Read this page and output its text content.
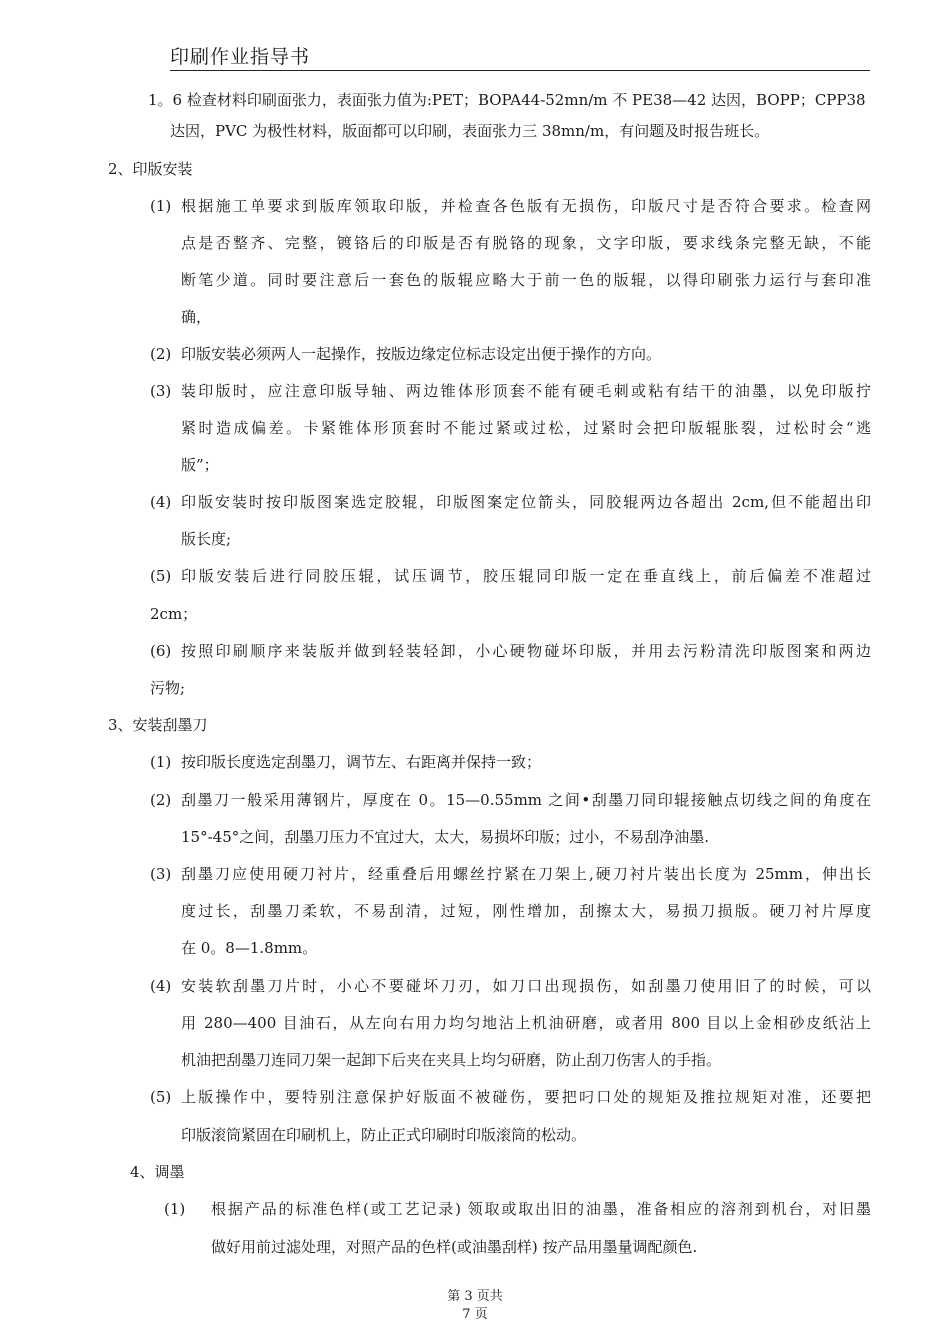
印刷作业指导书
1。6 检查材料印刷面张力，表面张力值为:PET；BOPA44-52mn/m 不 PE38—42 达因，BOPP；CPP38
达因，PVC 为极性材料，版面都可以印刷，表面张力三 38mn/m，有问题及时报告班长。
2、印版安装
(1) 根据施工单要求到版库领取印版，并检查各色版有无损伤，印版尺寸是否符合要求。检查网
点是否整齐、完整，镀铬后的印版是否有脱铬的现象，文字印版，要求线条完整无缺，不能
断笔少道。同时要注意后一套色的版辊应略大于前一色的版辊，以得印刷张力运行与套印准
确，
(2) 印版安装必须两人一起操作，按版边缘定位标志设定出便于操作的方向。
(3) 装印版时，应注意印版导轴、两边锥体形顶套不能有硬毛刺或粘有结干的油墨，以免印版拧
紧时造成偏差。卡紧锥体形顶套时不能过紧或过松，过紧时会把印版辊胀裂，过松时会“逃
版”；
(4) 印版安装时按印版图案选定胶辊，印版图案定位箭头，同胶辊两边各超出 2cm,但不能超出印
版长度;
(5) 印版安装后进行同胶压辊，试压调节，胶压辊同印版一定在垂直线上，前后偏差不准超过
2cm；
(6) 按照印刷顺序来装版并做到轻装轻卸，小心硬物碰坏印版，并用去污粉清洗印版图案和两边
污物;
3、安装刮墨刀
(1) 按印版长度选定刮墨刀，调节左、右距离并保持一致；
(2) 刮墨刀一般采用薄钢片，厚度在 0。15—0.55mm 之间•刮墨刀同印辊接触点切线之间的角度在
15°-45°之间，刮墨刀压力不宜过大，太大，易损坏印版；过小，不易刮净油墨.
(3) 刮墨刀应使用硬刀衬片，经重叠后用螺丝拧紧在刀架上,硬刀衬片装出长度为 25mm，伸出长
度过长，刮墨刀柔软，不易刮清，过短，刚性增加，刮擦太大，易损刀损版。硬刀衬片厚度
在 0。8—1.8mm。
(4) 安装软刮墨刀片时，小心不要碰坏刀刃，如刀口出现损伤，如刮墨刀使用旧了的时候，可以
用 280—400 目油石，从左向右用力均匀地沾上机油研磨，或者用 800 目以上金相砂皮纸沾上
机油把刮墨刀连同刀架一起卸下后夹在夹具上均匀研磨，防止刮刀伤害人的手指。
(5) 上版操作中，要特别注意保护好版面不被碰伤，要把叼口处的规矩及推拉规矩对准，还要把
印版滚筒紧固在印刷机上，防止正式印刷时印版滚筒的松动。
4、调墨
(1) 根据产品的标准色样(或工艺记录) 领取或取出旧的油墨，准备相应的溶剂到机台，对旧墨
做好用前过滤处理，对照产品的色样(或油墨刮样) 按产品用墨量调配颜色.
第 3 页共
7 页
